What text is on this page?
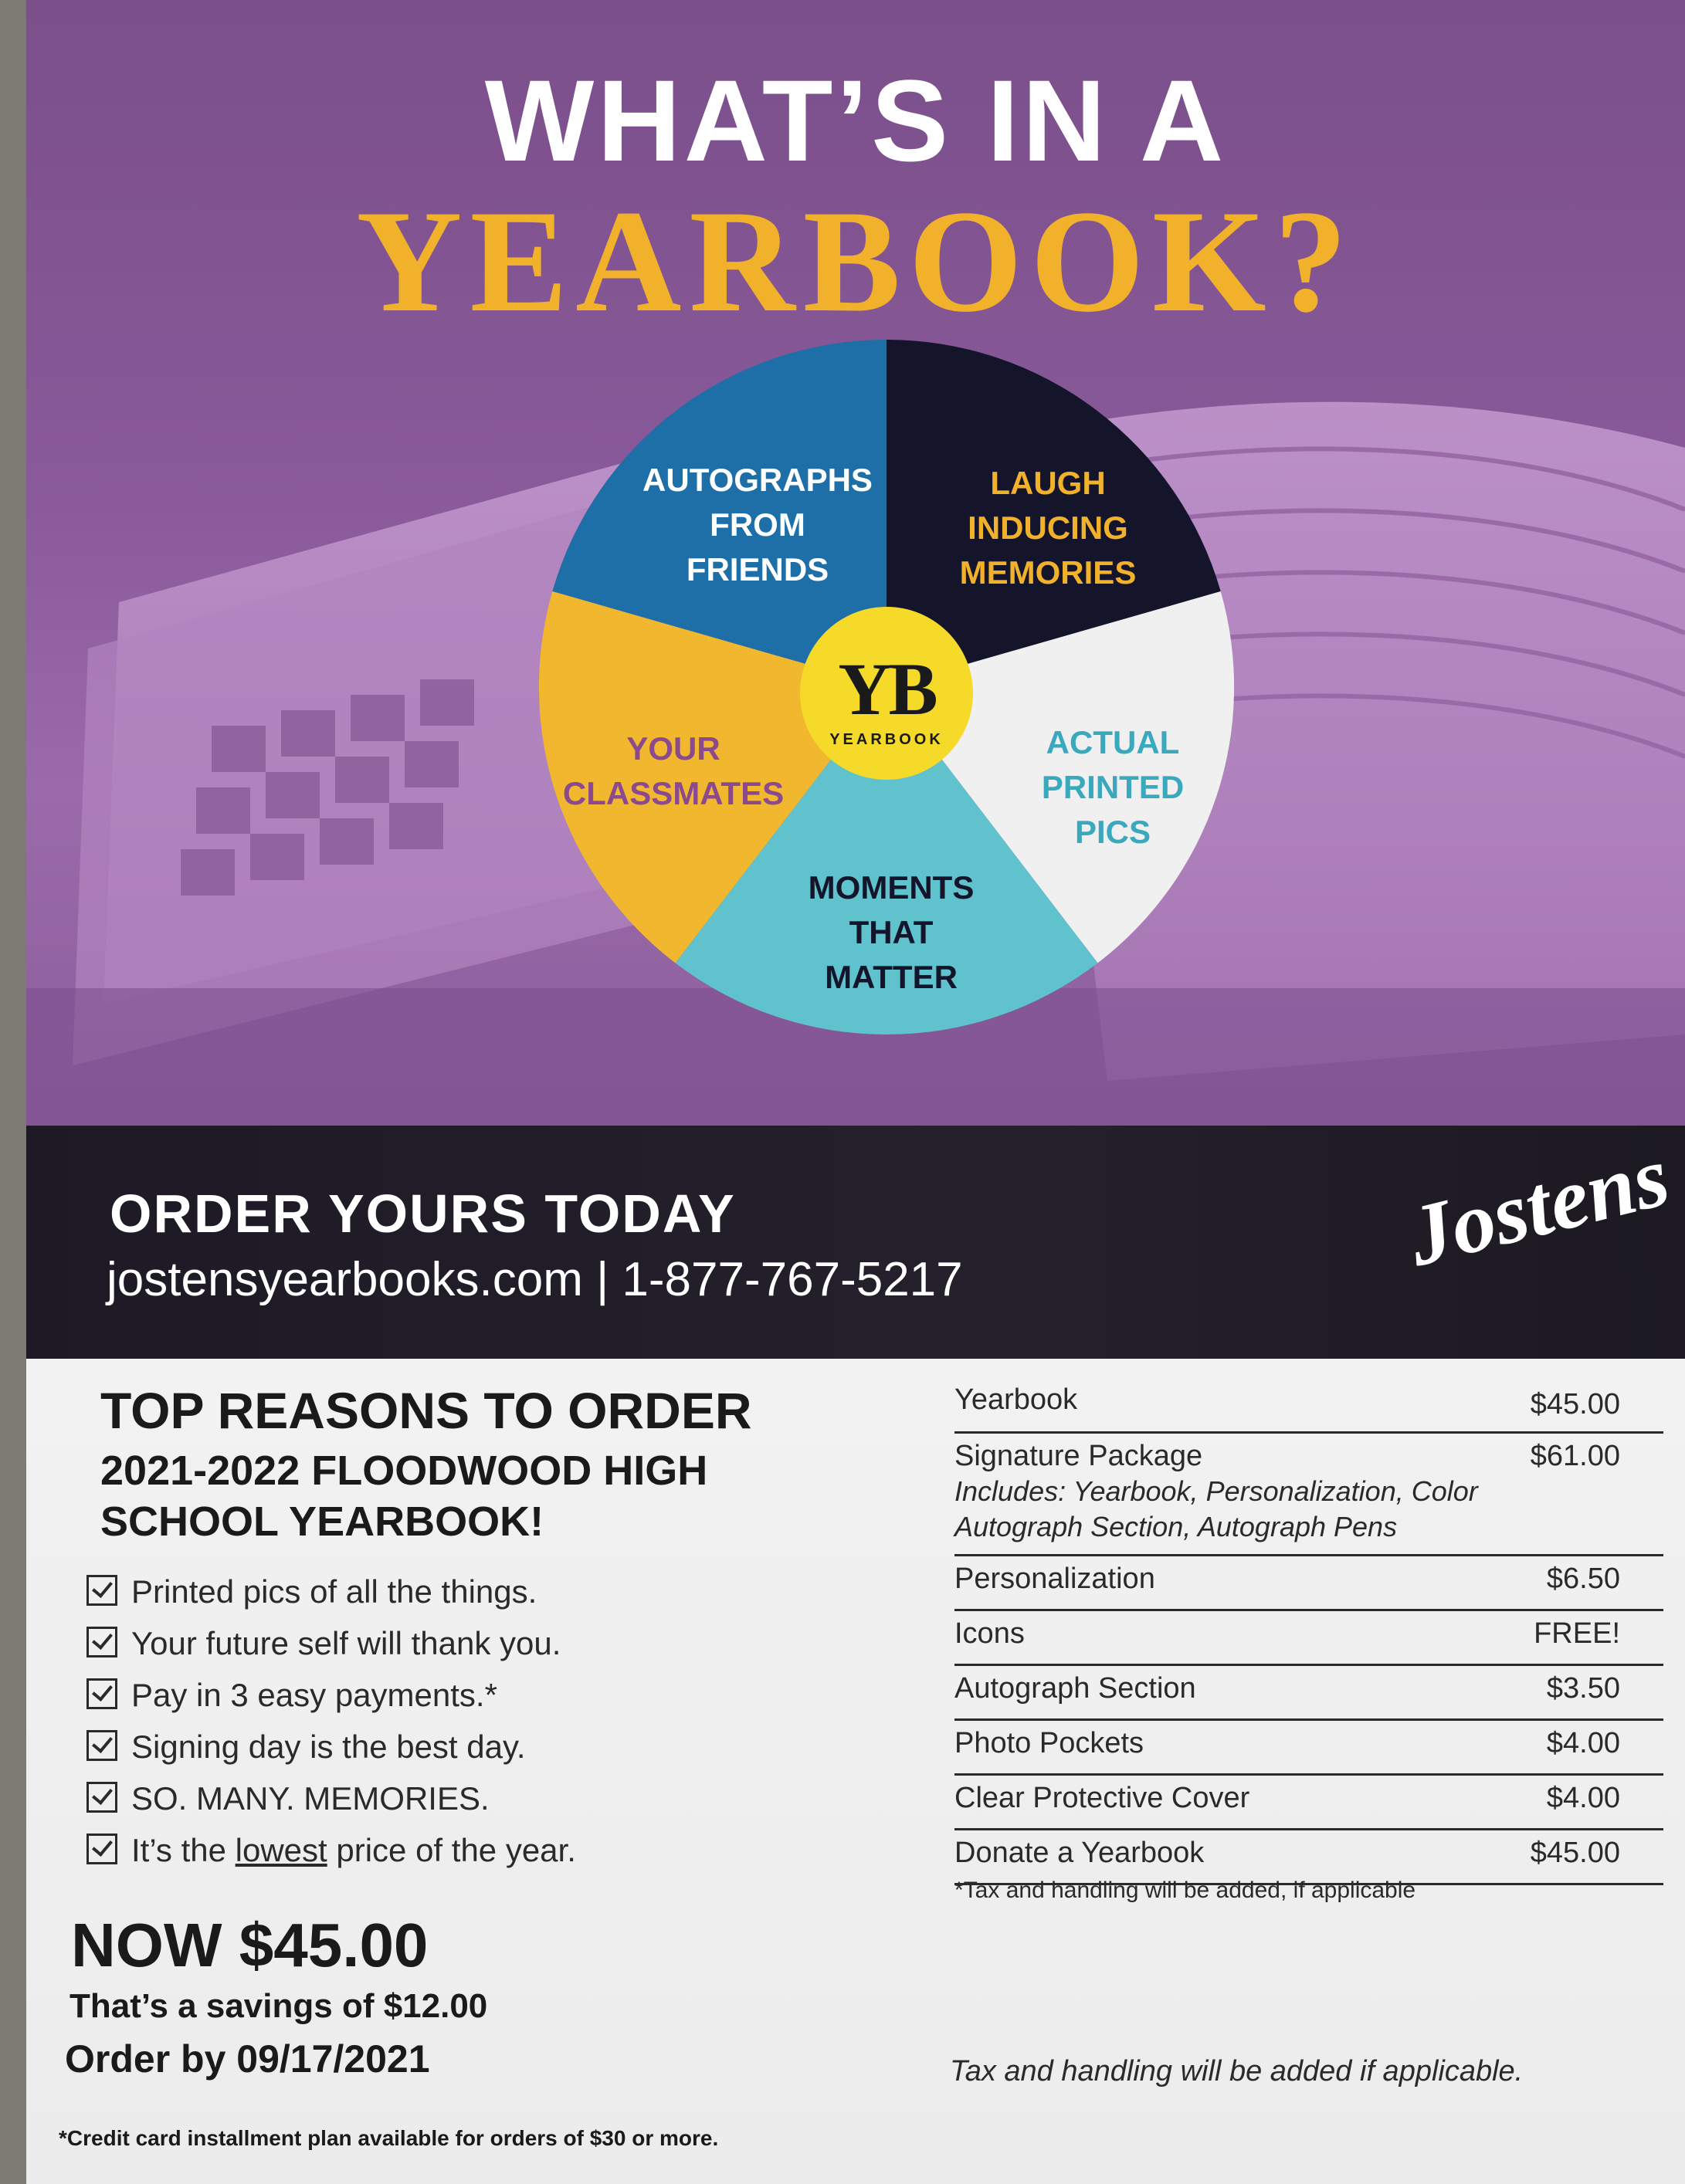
WHAT’S IN A
YEARBOOK?
YB
YEARBOOK
AUTOGRAPHS
FROM
FRIENDS
LAUGH
INDUCING
MEMORIES
ACTUAL
PRINTED
PICS
MOMENTS
THAT
MATTER
YOUR
CLASSMATES
ORDER YOURS TODAY
jostensyearbooks.com | 1-877-767-5217	Jostens
TOP REASONS TO ORDER
2021-2022 FLOODWOOD HIGH
SCHOOL YEARBOOK!
Printed pics of all the things.
Your future self will thank you.
Pay in 3 easy payments.*
Signing day is the best day.
SO. MANY. MEMORIES.
It’s the lowest price of the year.
NOW $45.00
That’s a savings of $12.00
Order by 09/17/2021
*Credit card installment plan available for orders of $30 or more.
Yearbook	$45.00
Signature Package	$61.00
Includes: Yearbook, Personalization, Color Autograph Section, Autograph Pens
Personalization	$6.50
Icons	FREE!
Autograph Section	$3.50
Photo Pockets	$4.00
Clear Protective Cover	$4.00
Donate a Yearbook	$45.00
*Tax and handling will be added, if applicable
Tax and handling will be added if applicable.
